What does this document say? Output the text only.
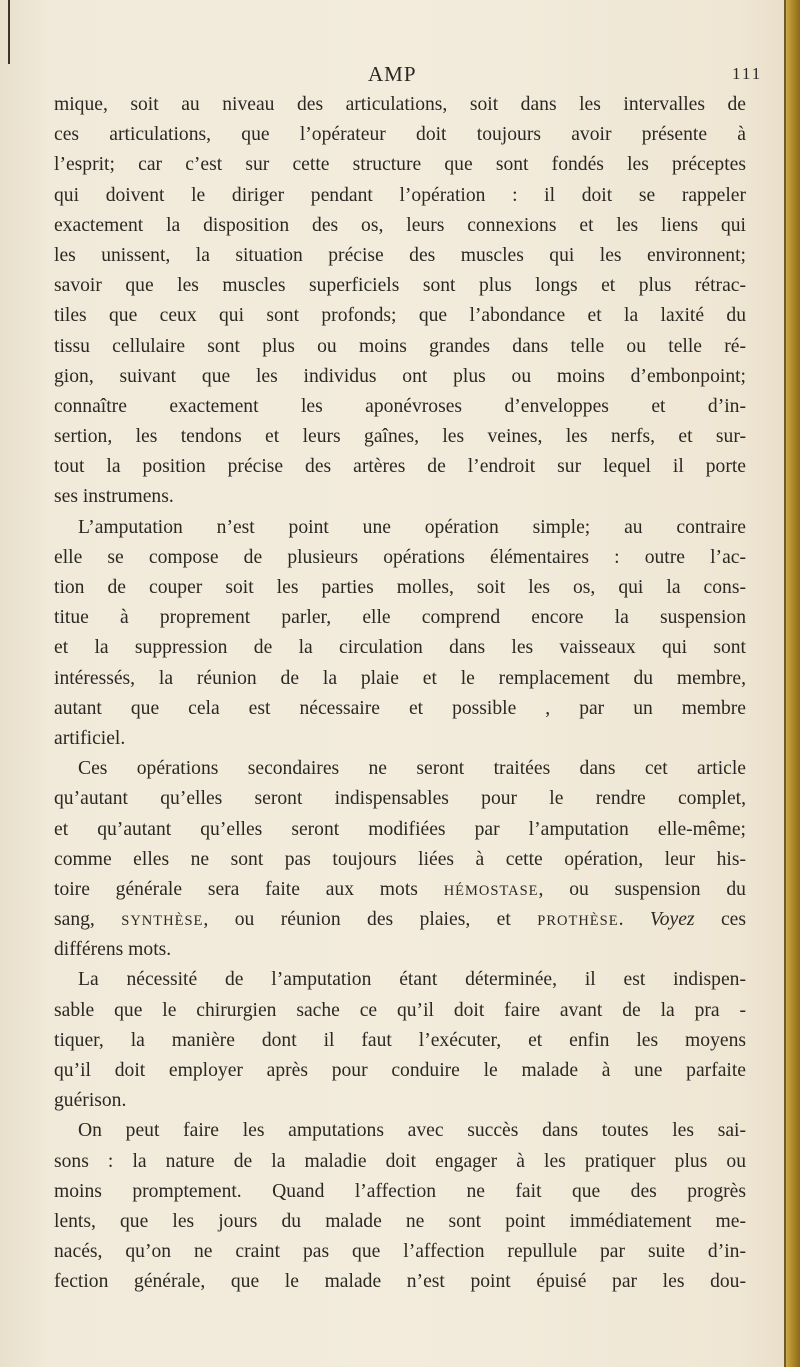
AMP	111
mique, soit au niveau des articulations, soit dans les intervalles de
ces articulations, que l’opérateur doit toujours avoir présente à
l’esprit; car c’est sur cette structure que sont fondés les préceptes
qui doivent le diriger pendant l’opération : il doit se rappeler
exactement la disposition des os, leurs connexions et les liens qui
les unissent, la situation précise des muscles qui les environnent;
savoir que les muscles superficiels sont plus longs et plus rétrac-
tiles que ceux qui sont profonds; que l’abondance et la laxité du
tissu cellulaire sont plus ou moins grandes dans telle ou telle ré-
gion, suivant que les individus ont plus ou moins d’embonpoint;
connaître exactement les aponévroses d’enveloppes et d’in-
sertion, les tendons et leurs gaînes, les veines, les nerfs, et sur-
tout la position précise des artères de l’endroit sur lequel il porte
ses instrumens.
L’amputation n’est point une opération simple; au contraire
elle se compose de plusieurs opérations élémentaires : outre l’ac-
tion de couper soit les parties molles, soit les os, qui la cons-
titue à proprement parler, elle comprend encore la suspension
et la suppression de la circulation dans les vaisseaux qui sont
intéressés, la réunion de la plaie et le remplacement du membre,
autant que cela est nécessaire et possible , par un membre
artificiel.
Ces opérations secondaires ne seront traitées dans cet article
qu’autant qu’elles seront indispensables pour le rendre complet,
et qu’autant qu’elles seront modifiées par l’amputation elle-même;
comme elles ne sont pas toujours liées à cette opération, leur his-
toire générale sera faite aux mots HÉMOSTASE, ou suspension du
sang, SYNTHÈSE, ou réunion des plaies, et PROTHÈSE. Voyez ces
différens mots.
La nécessité de l’amputation étant déterminée, il est indispen-
sable que le chirurgien sache ce qu’il doit faire avant de la pra -
tiquer, la manière dont il faut l’exécuter, et enfin les moyens
qu’il doit employer après pour conduire le malade à une parfaite
guérison.
On peut faire les amputations avec succès dans toutes les sai-
sons : la nature de la maladie doit engager à les pratiquer plus ou
moins promptement. Quand l’affection ne fait que des progrès
lents, que les jours du malade ne sont point immédiatement me-
nacés, qu’on ne craint pas que l’affection repullule par suite d’in-
fection générale, que le malade n’est point épuisé par les dou-
